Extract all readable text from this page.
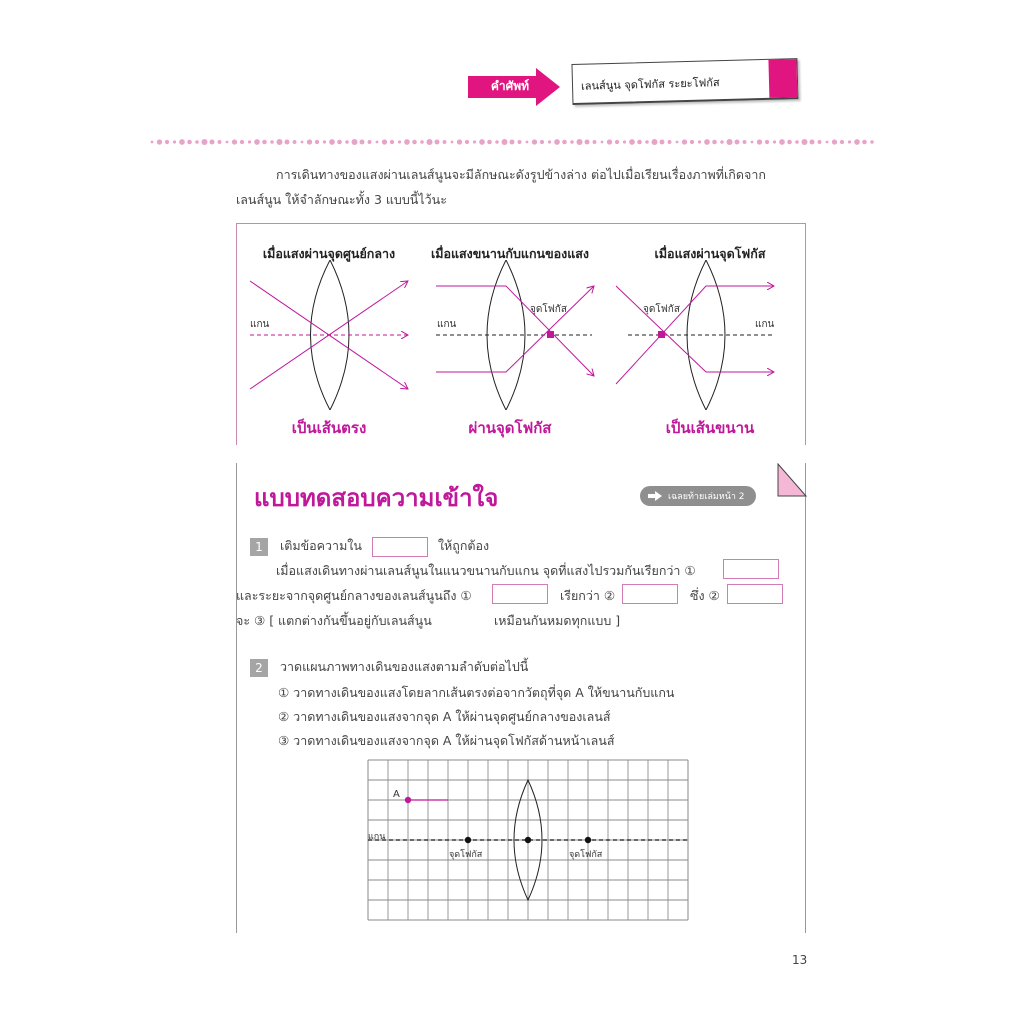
คำศัพท์	เลนส์นูน จุดโฟกัส ระยะโฟกัส
การเดินทางของแสงผ่านเลนส์นูนจะมีลักษณะดังรูปข้างล่าง ต่อไปเมื่อเรียนเรื่องภาพที่เกิดจาก
เลนส์นูน ให้จำลักษณะทั้ง 3 แบบนี้ไว้นะ
เมื่อแสงผ่านจุดศูนย์กลาง
แกน
เป็นเส้นตรง
เมื่อแสงขนานกับแกนของแสง
แกน
จุดโฟกัส
ผ่านจุดโฟกัส
เมื่อแสงผ่านจุดโฟกัส
แกน
จุดโฟกัส
เป็นเส้นขนาน
แบบทดสอบความเข้าใจ	เฉลยท้ายเล่มหน้า 2
1 เติมข้อความใน	ให้ถูกต้อง
เมื่อแสงเดินทางผ่านเลนส์นูนในแนวขนานกับแกน จุดที่แสงไปรวมกันเรียกว่า ①
และระยะจากจุดศูนย์กลางของเลนส์นูนถึง ①	เรียกว่า ②	ซึ่ง ②
จะ ③ [ แตกต่างกันขึ้นอยู่กับเลนส์นูน	เหมือนกันหมดทุกแบบ ]
2 วาดแผนภาพทางเดินของแสงตามลำดับต่อไปนี้
① วาดทางเดินของแสงโดยลากเส้นตรงต่อจากวัตถุที่จุด A ให้ขนานกับแกน
② วาดทางเดินของแสงจากจุด A ให้ผ่านจุดศูนย์กลางของเลนส์
③ วาดทางเดินของแสงจากจุด A ให้ผ่านจุดโฟกัสด้านหน้าเลนส์
A
แกน
จุดโฟกัส	จุดโฟกัส
13
